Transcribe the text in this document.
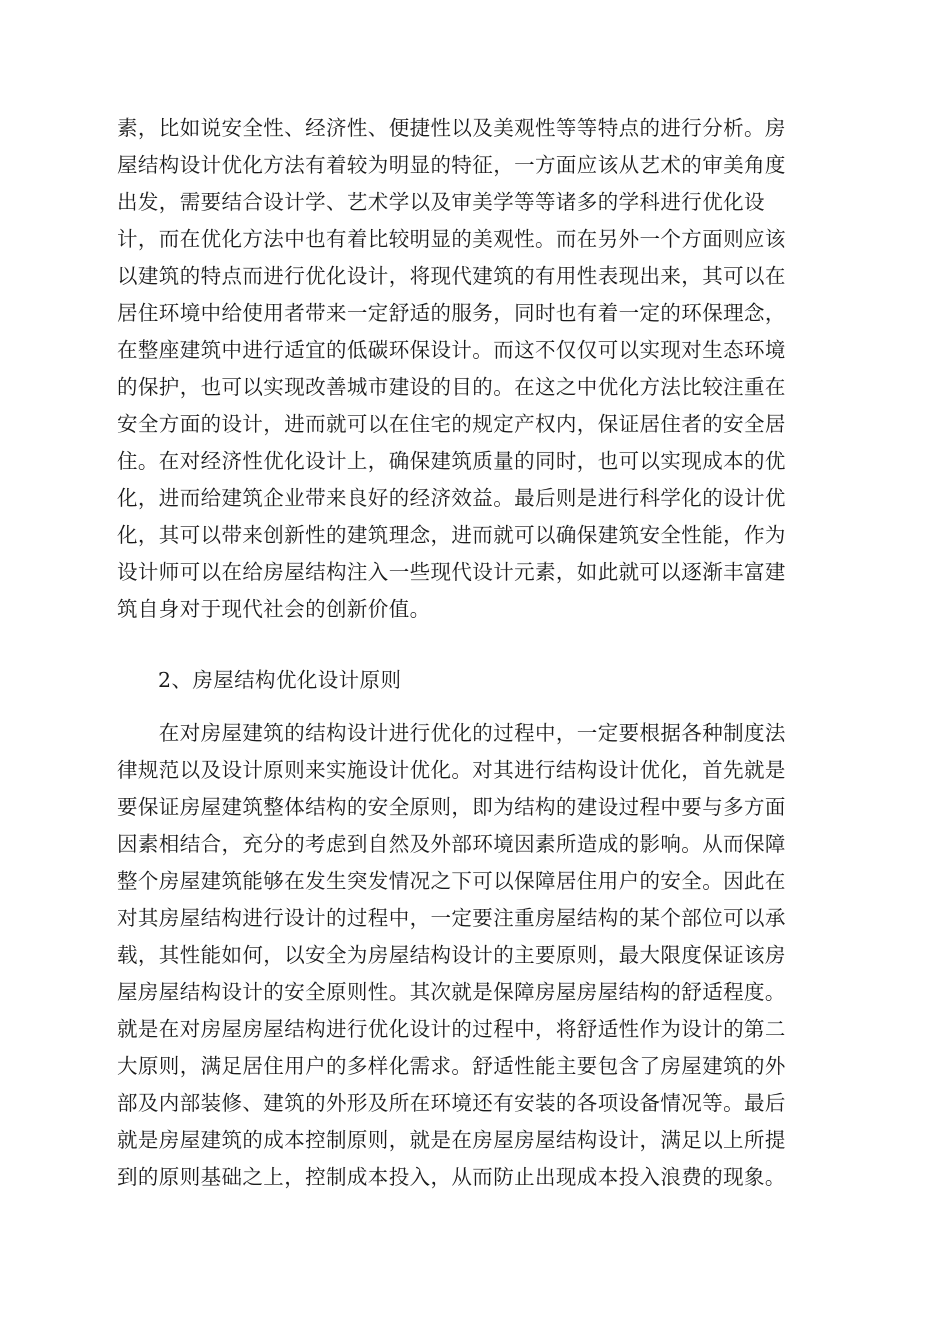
素，比如说安全性、经济性、便捷性以及美观性等等特点的进行分析。房
屋结构设计优化方法有着较为明显的特征，一方面应该从艺术的审美角度
出发，需要结合设计学、艺术学以及审美学等等诸多的学科进行优化设
计，而在优化方法中也有着比较明显的美观性。而在另外一个方面则应该
以建筑的特点而进行优化设计，将现代建筑的有用性表现出来，其可以在
居住环境中给使用者带来一定舒适的服务，同时也有着一定的环保理念，
在整座建筑中进行适宜的低碳环保设计。而这不仅仅可以实现对生态环境
的保护，也可以实现改善城市建设的目的。在这之中优化方法比较注重在
安全方面的设计，进而就可以在住宅的规定产权内，保证居住者的安全居
住。在对经济性优化设计上，确保建筑质量的同时，也可以实现成本的优
化，进而给建筑企业带来良好的经济效益。最后则是进行科学化的设计优
化，其可以带来创新性的建筑理念，进而就可以确保建筑安全性能，作为
设计师可以在给房屋结构注入一些现代设计元素，如此就可以逐渐丰富建
筑自身对于现代社会的创新价值。
2、房屋结构优化设计原则
　　在对房屋建筑的结构设计进行优化的过程中，一定要根据各种制度法
律规范以及设计原则来实施设计优化。对其进行结构设计优化，首先就是
要保证房屋建筑整体结构的安全原则，即为结构的建设过程中要与多方面
因素相结合，充分的考虑到自然及外部环境因素所造成的影响。从而保障
整个房屋建筑能够在发生突发情况之下可以保障居住用户的安全。因此在
对其房屋结构进行设计的过程中，一定要注重房屋结构的某个部位可以承
载，其性能如何，以安全为房屋结构设计的主要原则，最大限度保证该房
屋房屋结构设计的安全原则性。其次就是保障房屋房屋结构的舒适程度。
就是在对房屋房屋结构进行优化设计的过程中，将舒适性作为设计的第二
大原则，满足居住用户的多样化需求。舒适性能主要包含了房屋建筑的外
部及内部装修、建筑的外形及所在环境还有安装的各项设备情况等。最后
就是房屋建筑的成本控制原则，就是在房屋房屋结构设计，满足以上所提
到的原则基础之上，控制成本投入，从而防止出现成本投入浪费的现象。
